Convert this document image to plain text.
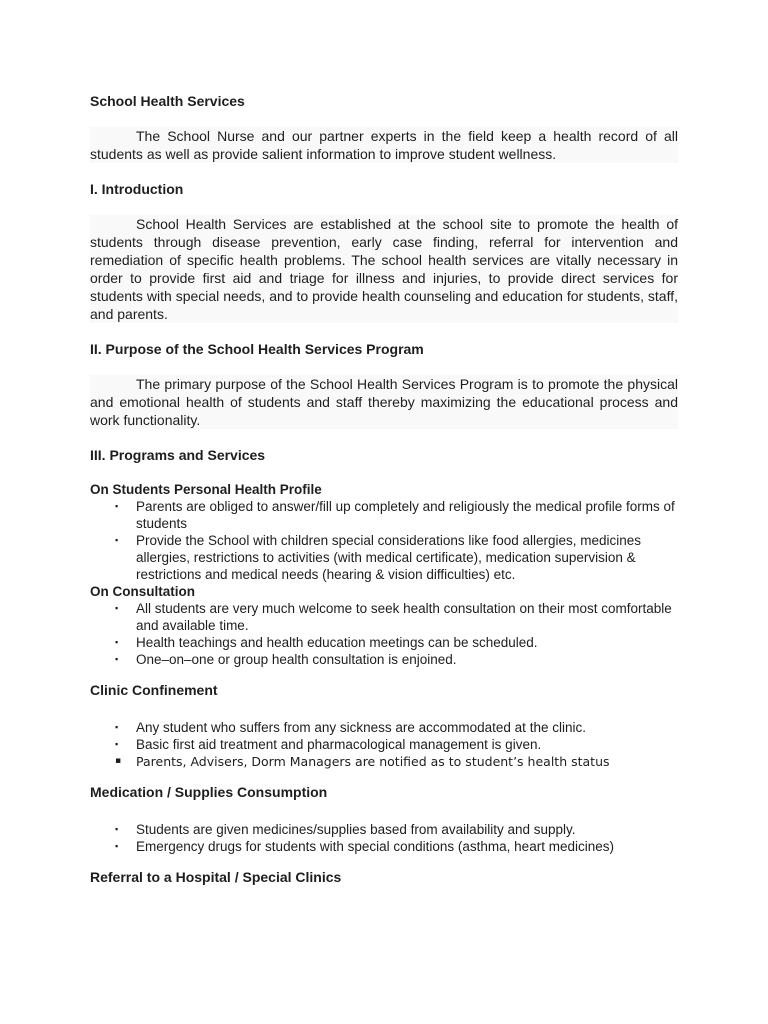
School Health Services

The School Nurse and our partner experts in the field keep a health record of all students as well as provide salient information to improve student wellness.

I. Introduction

School Health Services are established at the school site to promote the health of students through disease prevention, early case finding, referral for intervention and remediation of specific health problems. The school health services are vitally necessary in order to provide first aid and triage for illness and injuries, to provide direct services for students with special needs, and to provide health counseling and education for students, staff, and parents.

II. Purpose of the School Health Services Program

The primary purpose of the School Health Services Program is to promote the physical and emotional health of students and staff thereby maximizing the educational process and work functionality.

III. Programs and Services
On Students Personal Health Profile
▪ Parents are obliged to answer/fill up completely and religiously the medical profile forms of students
▪ Provide the School with children special considerations like food allergies, medicines allergies, restrictions to activities (with medical certificate), medication supervision & restrictions and medical needs (hearing & vision difficulties) etc.
On Consultation
▪ All students are very much welcome to seek health consultation on their most comfortable and available time.
▪ Health teachings and health education meetings can be scheduled.
▪ One–on–one or group health consultation is enjoined.
Clinic Confinement
▪ Any student who suffers from any sickness are accommodated at the clinic.
▪ Basic first aid treatment and pharmacological management is given.
▪ Parents, Advisers, Dorm Managers are notified as to student’s health status
Medication / Supplies Consumption
▪ Students are given medicines/supplies based from availability and supply.
▪ Emergency drugs for students with special conditions (asthma, heart medicines)
Referral to a Hospital / Special Clinics
